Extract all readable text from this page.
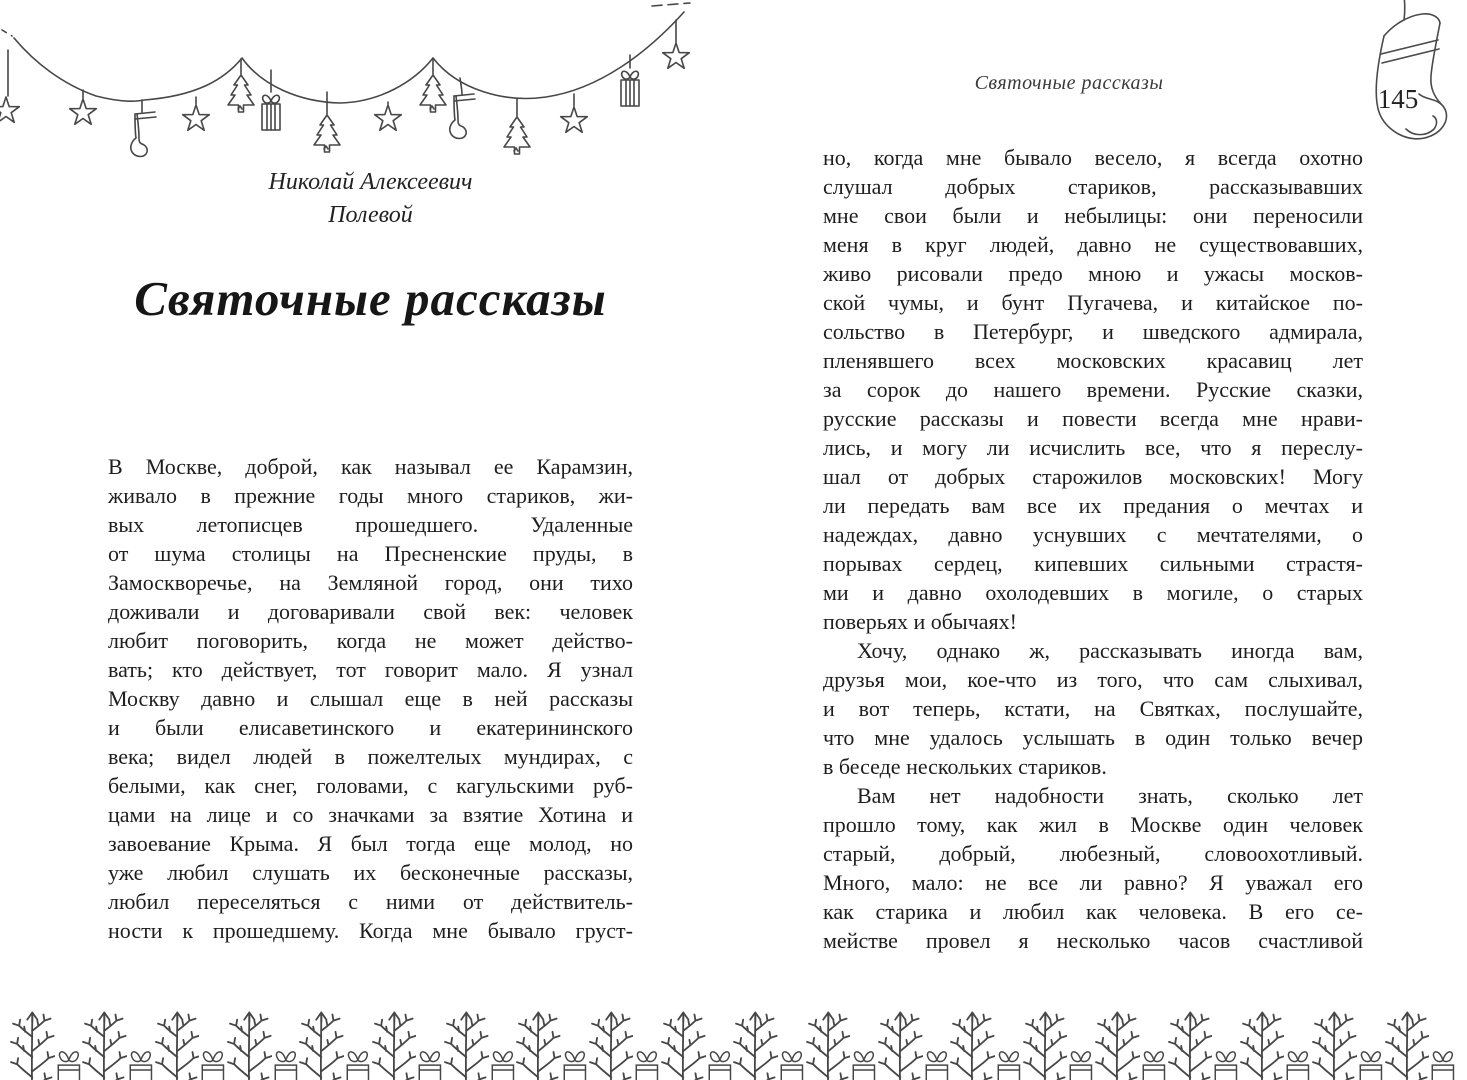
Николай Алексеевич
Полевой
Святочные рассказы
В Москве, доброй, как называл ее Карамзин,
живало в прежние годы много стариков, жи-
вых летописцев прошедшего. Удаленные
от шума столицы на Пресненские пруды, в
Замоскворечье, на Земляной город, они тихо
доживали и договаривали свой век: человек
любит поговорить, когда не может действо-
вать; кто действует, тот говорит мало. Я узнал
Москву давно и слышал еще в ней рассказы
и были елисаветинского и екатерининского
века; видел людей в пожелтелых мундирах, с
белыми, как снег, головами, с кагульскими руб-
цами на лице и со значками за взятие Хотина и
завоевание Крыма. Я был тогда еще молод, но
уже любил слушать их бесконечные рассказы,
любил переселяться с ними от действитель-
ности к прошедшему. Когда мне бывало груст-
Святочные рассказы
145
но, когда мне бывало весело, я всегда охотно
слушал добрых стариков, рассказывавших
мне свои были и небылицы: они переносили
меня в круг людей, давно не существовавших,
живо рисовали предо мною и ужасы москов-
ской чумы, и бунт Пугачева, и китайское по-
сольство в Петербург, и шведского адмирала,
пленявшего всех московских красавиц лет
за сорок до нашего времени. Русские сказки,
русские рассказы и повести всегда мне нрави-
лись, и могу ли исчислить все, что я переслу-
шал от добрых старожилов московских! Могу
ли передать вам все их предания о мечтах и
надеждах, давно уснувших с мечтателями, о
порывах сердец, кипевших сильными страстя-
ми и давно охолодевших в могиле, о старых
поверьях и обычаях!
Хочу, однако ж, рассказывать иногда вам,
друзья мои, кое-что из того, что сам слыхивал,
и вот теперь, кстати, на Святках, послушайте,
что мне удалось услышать в один только вечер
в беседе нескольких стариков.
Вам нет надобности знать, сколько лет
прошло тому, как жил в Москве один человек
старый, добрый, любезный, словоохотливый.
Много, мало: не все ли равно? Я уважал его
как старика и любил как человека. В его се-
мействе провел я несколько часов счастливой
